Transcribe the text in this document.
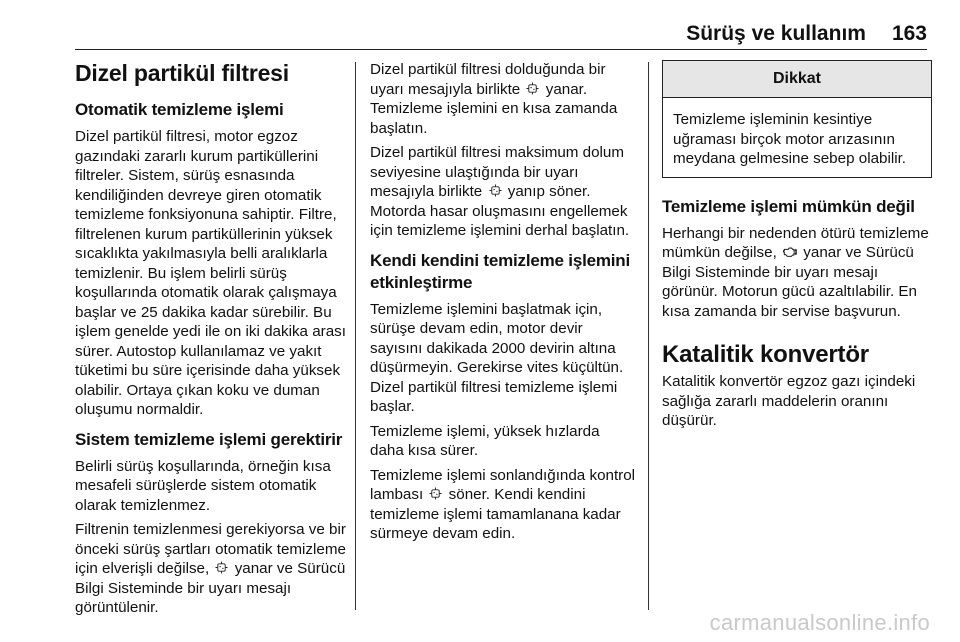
Sürüş ve kullanım 163
Dizel partikül filtresi
Otomatik temizleme işlemi

Dizel partikül filtresi, motor egzoz gazındaki zararlı kurum partiküllerini filtreler. Sistem, sürüş esnasında kendiliğinden devreye giren otomatik temizleme fonksiyonuna sahiptir. Filtre, filtrelenen kurum partiküllerinin yüksek sıcaklıkta yakılmasıyla belli aralıklarla temizlenir. Bu işlem belirli sürüş koşullarında otomatik olarak çalışmaya başlar ve 25 dakika kadar sürebilir. Bu işlem genelde yedi ile on iki dakika arası sürer. Autostop kullanılamaz ve yakıt tüketimi bu süre içerisinde daha yüksek olabilir. Ortaya çıkan koku ve duman oluşumu normaldir.

Sistem temizleme işlemi gerektirir

Belirli sürüş koşullarında, örneğin kısa mesafeli sürüşlerde sistem otomatik olarak temizlenmez.

Filtrenin temizlenmesi gerekiyorsa ve bir önceki sürüş şartları otomatik temizleme için elverişli değilse, yanar ve Sürücü Bilgi Sisteminde bir uyarı mesajı görüntülenir.

Dizel partikül filtresi dolduğunda bir uyarı mesajıyla birlikte yanar. Temizleme işlemini en kısa zamanda başlatın.

Dizel partikül filtresi maksimum dolum seviyesine ulaştığında bir uyarı mesajıyla birlikte yanıp söner. Motorda hasar oluşmasını engellemek için temizleme işlemini derhal başlatın.

Kendi kendini temizleme işlemini etkinleştirme

Temizleme işlemini başlatmak için, sürüşe devam edin, motor devir sayısını dakikada 2000 devirin altına düşürmeyin. Gerekirse vites küçültün. Dizel partikül filtresi temizleme işlemi başlar.

Temizleme işlemi, yüksek hızlarda daha kısa sürer.

Temizleme işlemi sonlandığında kontrol lambası söner. Kendi kendini temizleme işlemi tamamlanana kadar sürmeye devam edin.

Dikkat
Temizleme işleminin kesintiye uğraması birçok motor arızasının meydana gelmesine sebep olabilir.
Temizleme işlemi mümkün değil

Herhangi bir nedenden ötürü temizleme mümkün değilse, yanar ve Sürücü Bilgi Sisteminde bir uyarı mesajı görünür. Motorun gücü azaltılabilir. En kısa zamanda bir servise başvurun.

Katalitik konvertör

Katalitik konvertör egzoz gazı içindeki sağlığa zararlı maddelerin oranını düşürür.

carmanualsonline.info
